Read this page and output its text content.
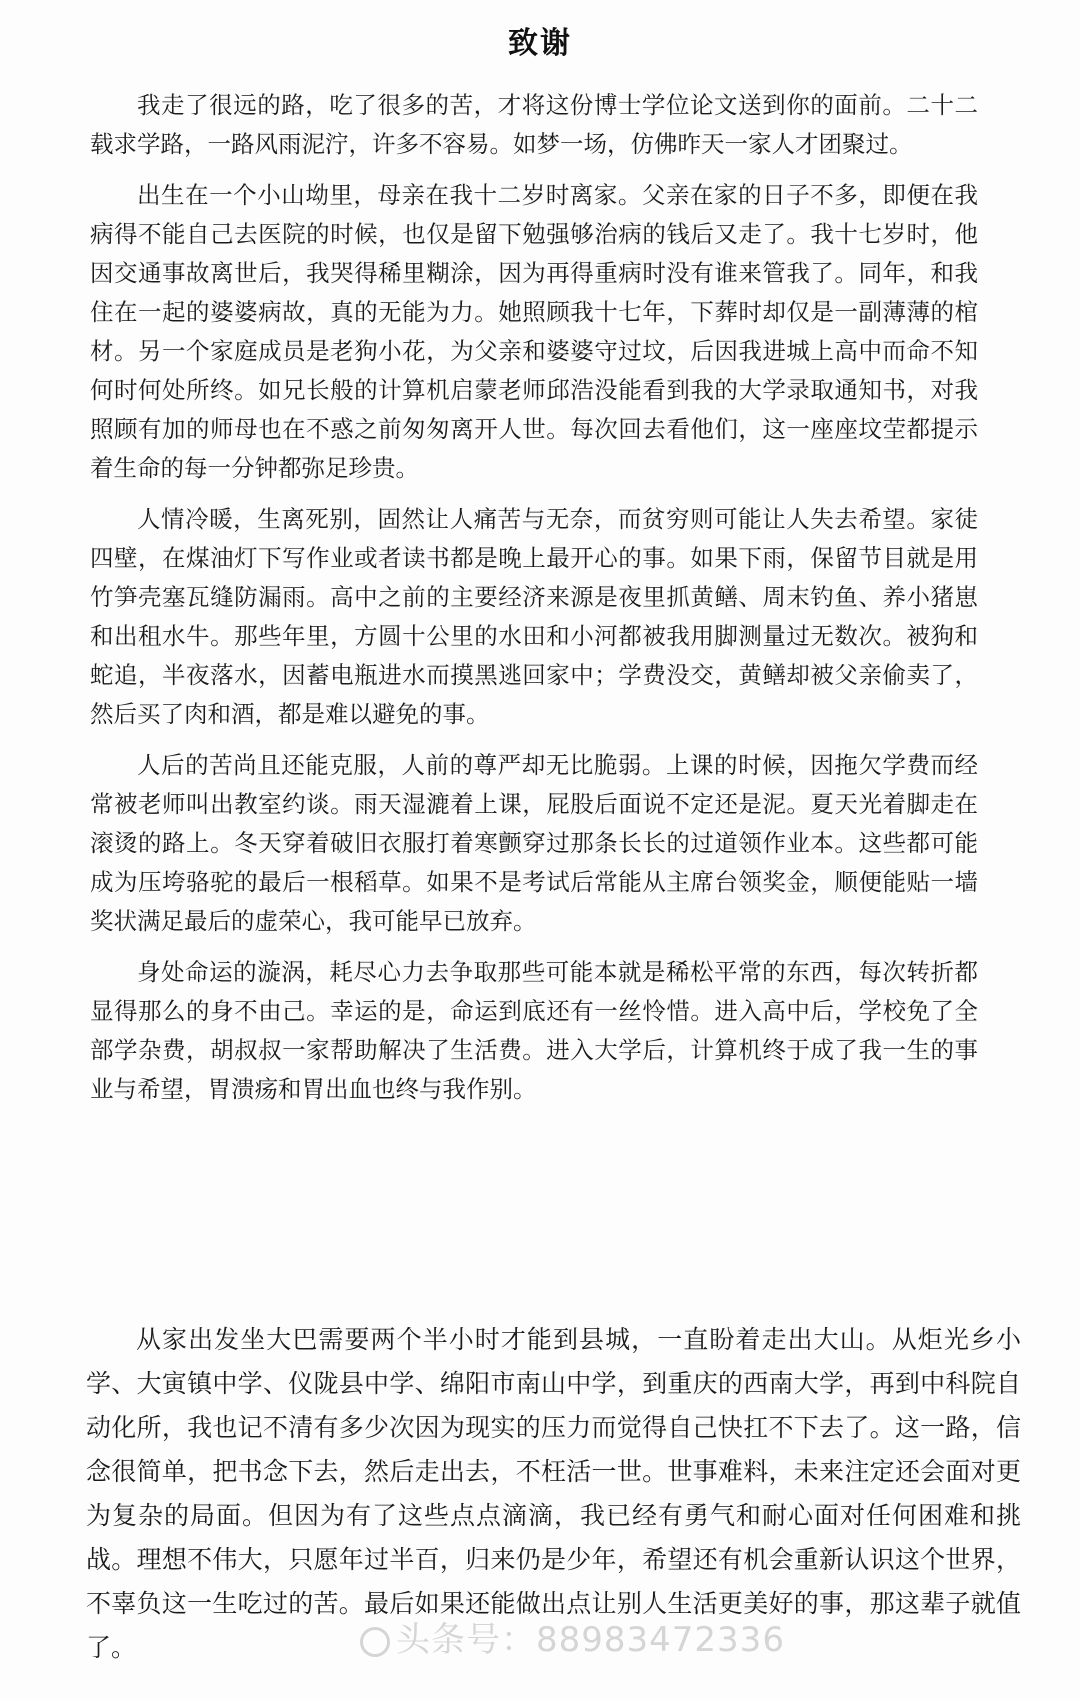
致谢

我走了很远的路，吃了很多的苦，才将这份博士学位论文送到你的面前。二十二载求学路，一路风雨泥泞，许多不容易。如梦一场，仿佛昨天一家人才团聚过。

出生在一个小山坳里，母亲在我十二岁时离家。父亲在家的日子不多，即便在我病得不能自己去医院的时候，也仅是留下勉强够治病的钱后又走了。我十七岁时，他因交通事故离世后，我哭得稀里糊涂，因为再得重病时没有谁来管我了。同年，和我住在一起的婆婆病故，真的无能为力。她照顾我十七年，下葬时却仅是一副薄薄的棺材。另一个家庭成员是老狗小花，为父亲和婆婆守过坟，后因我进城上高中而命不知何时何处所终。如兄长般的计算机启蒙老师邱浩没能看到我的大学录取通知书，对我照顾有加的师母也在不惑之前匆匆离开人世。每次回去看他们，这一座座坟茔都提示着生命的每一分钟都弥足珍贵。

人情冷暖，生离死别，固然让人痛苦与无奈，而贫穷则可能让人失去希望。家徒四壁，在煤油灯下写作业或者读书都是晚上最开心的事。如果下雨，保留节目就是用竹笋壳塞瓦缝防漏雨。高中之前的主要经济来源是夜里抓黄鳝、周末钓鱼、养小猪崽和出租水牛。那些年里，方圆十公里的水田和小河都被我用脚测量过无数次。被狗和蛇追，半夜落水，因蓄电瓶进水而摸黑逃回家中；学费没交，黄鳝却被父亲偷卖了，然后买了肉和酒，都是难以避免的事。

人后的苦尚且还能克服，人前的尊严却无比脆弱。上课的时候，因拖欠学费而经常被老师叫出教室约谈。雨天湿漉着上课，屁股后面说不定还是泥。夏天光着脚走在滚烫的路上。冬天穿着破旧衣服打着寒颤穿过那条长长的过道领作业本。这些都可能成为压垮骆驼的最后一根稻草。如果不是考试后常能从主席台领奖金，顺便能贴一墙奖状满足最后的虚荣心，我可能早已放弃。

身处命运的漩涡，耗尽心力去争取那些可能本就是稀松平常的东西，每次转折都显得那么的身不由己。幸运的是，命运到底还有一丝怜惜。进入高中后，学校免了全部学杂费，胡叔叔一家帮助解决了生活费。进入大学后，计算机终于成了我一生的事业与希望，胃溃疡和胃出血也终与我作别。

从家出发坐大巴需要两个半小时才能到县城，一直盼着走出大山。从炬光乡小学、大寅镇中学、仪陇县中学、绵阳市南山中学，到重庆的西南大学，再到中科院自动化所，我也记不清有多少次因为现实的压力而觉得自己快扛不下去了。这一路，信念很简单，把书念下去，然后走出去，不枉活一世。世事难料，未来注定还会面对更为复杂的局面。但因为有了这些点点滴滴，我已经有勇气和耐心面对任何困难和挑战。理想不伟大，只愿年过半百，归来仍是少年，希望还有机会重新认识这个世界，不辜负这一生吃过的苦。最后如果还能做出点让别人生活更美好的事，那这辈子就值了。	头条号：88983472336
